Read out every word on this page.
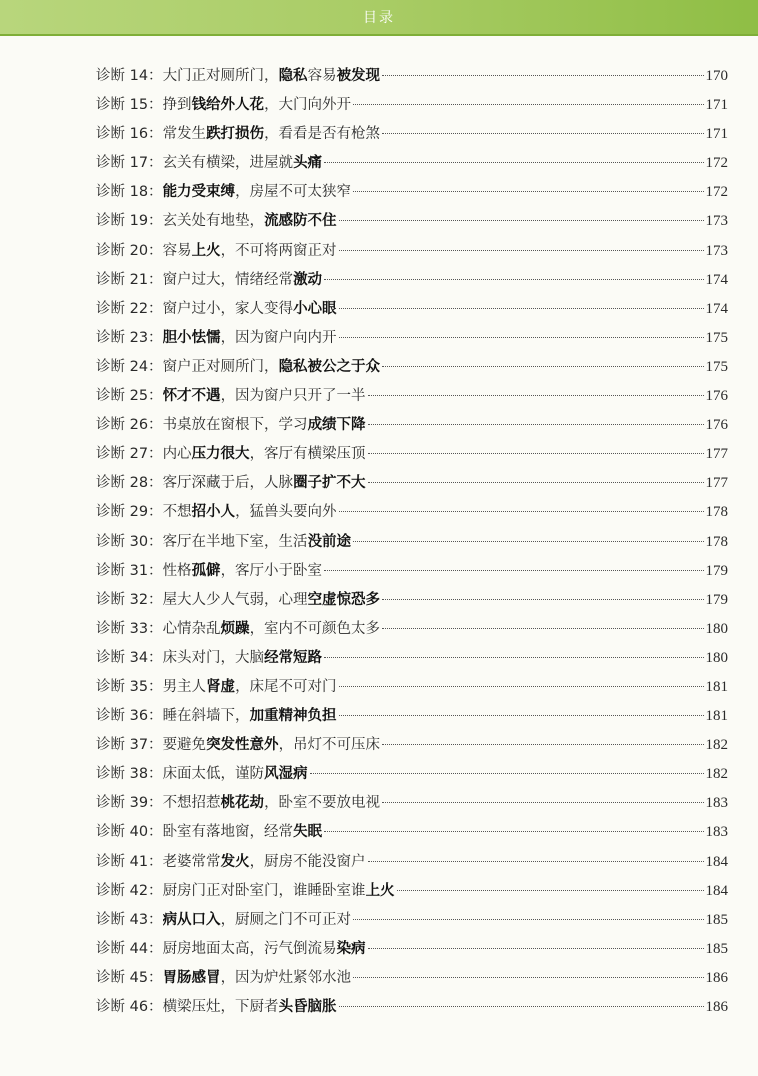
目录
诊断 14： 大门正对厕所门，隐私容易被发现	170
诊断 15： 挣到钱给外人花，大门向外开	171
诊断 16： 常发生跌打损伤，看看是否有枪煞	171
诊断 17： 玄关有横梁，进屋就头痛	172
诊断 18： 能力受束缚，房屋不可太狭窄	172
诊断 19： 玄关处有地垫，流感防不住	173
诊断 20： 容易上火，不可将两窗正对	173
诊断 21： 窗户过大，情绪经常激动	174
诊断 22： 窗户过小，家人变得小心眼	174
诊断 23： 胆小怯懦，因为窗户向内开	175
诊断 24： 窗户正对厕所门，隐私被公之于众	175
诊断 25： 怀才不遇，因为窗户只开了一半	176
诊断 26： 书桌放在窗根下，学习成绩下降	176
诊断 27： 内心压力很大，客厅有横梁压顶	177
诊断 28： 客厅深藏于后，人脉圈子扩不大	177
诊断 29： 不想招小人，猛兽头要向外	178
诊断 30： 客厅在半地下室，生活没前途	178
诊断 31： 性格孤僻，客厅小于卧室	179
诊断 32： 屋大人少人气弱，心理空虚惊恐多	179
诊断 33： 心情杂乱烦躁，室内不可颜色太多	180
诊断 34： 床头对门，大脑经常短路	180
诊断 35： 男主人肾虚，床尾不可对门	181
诊断 36： 睡在斜墙下，加重精神负担	181
诊断 37： 要避免突发性意外，吊灯不可压床	182
诊断 38： 床面太低，谨防风湿病	182
诊断 39： 不想招惹桃花劫，卧室不要放电视	183
诊断 40： 卧室有落地窗，经常失眠	183
诊断 41： 老婆常常发火，厨房不能没窗户	184
诊断 42： 厨房门正对卧室门，谁睡卧室谁上火	184
诊断 43： 病从口入，厨厕之门不可正对	185
诊断 44： 厨房地面太高，污气倒流易染病	185
诊断 45： 胃肠感冒，因为炉灶紧邻水池	186
诊断 46： 横梁压灶，下厨者头昏脑胀	186
